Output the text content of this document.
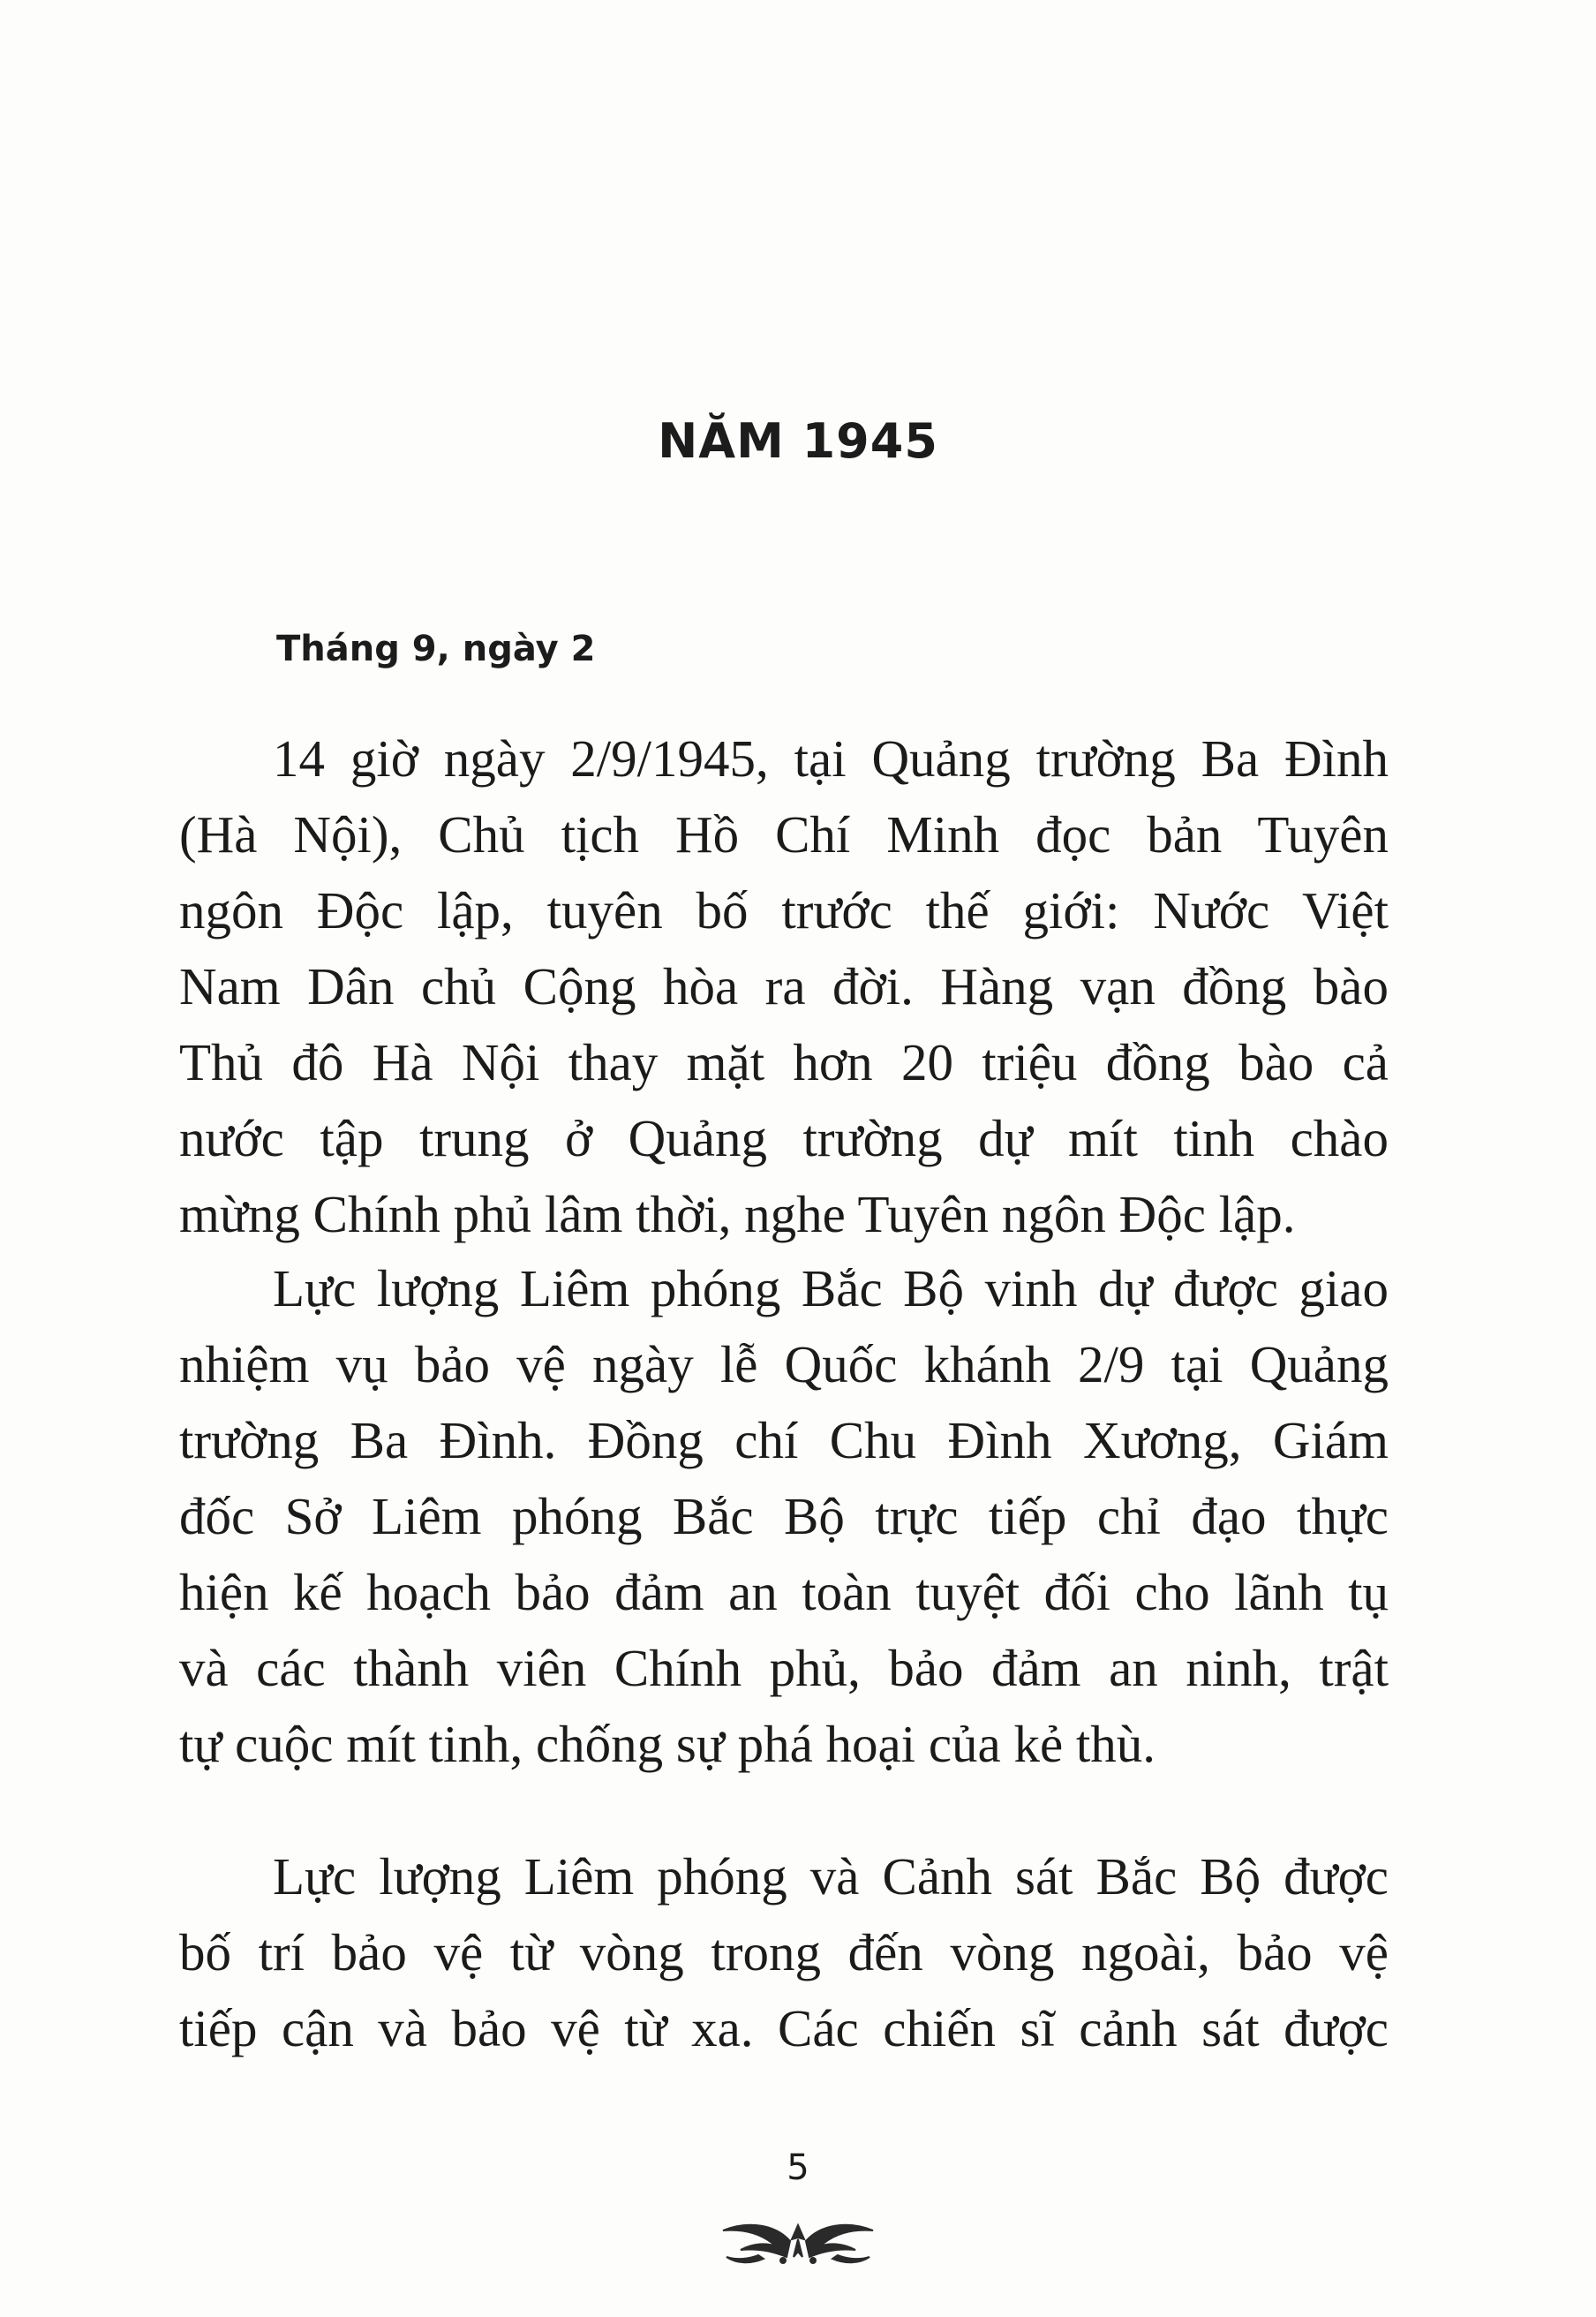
NĂM 1945
Tháng 9, ngày 2
14 giờ ngày 2/9/1945, tại Quảng trường Ba Đình
(Hà Nội), Chủ tịch Hồ Chí Minh đọc bản Tuyên
ngôn Độc lập, tuyên bố trước thế giới: Nước Việt
Nam Dân chủ Cộng hòa ra đời. Hàng vạn đồng bào
Thủ đô Hà Nội thay mặt hơn 20 triệu đồng bào cả
nước tập trung ở Quảng trường dự mít tinh chào
mừng Chính phủ lâm thời, nghe Tuyên ngôn Độc lập.
Lực lượng Liêm phóng Bắc Bộ vinh dự được giao
nhiệm vụ bảo vệ ngày lễ Quốc khánh 2/9 tại Quảng
trường Ba Đình. Đồng chí Chu Đình Xương, Giám
đốc Sở Liêm phóng Bắc Bộ trực tiếp chỉ đạo thực
hiện kế hoạch bảo đảm an toàn tuyệt đối cho lãnh tụ
và các thành viên Chính phủ, bảo đảm an ninh, trật
tự cuộc mít tinh, chống sự phá hoại của kẻ thù.
Lực lượng Liêm phóng và Cảnh sát Bắc Bộ được
bố trí bảo vệ từ vòng trong đến vòng ngoài, bảo vệ
tiếp cận và bảo vệ từ xa. Các chiến sĩ cảnh sát được
5
